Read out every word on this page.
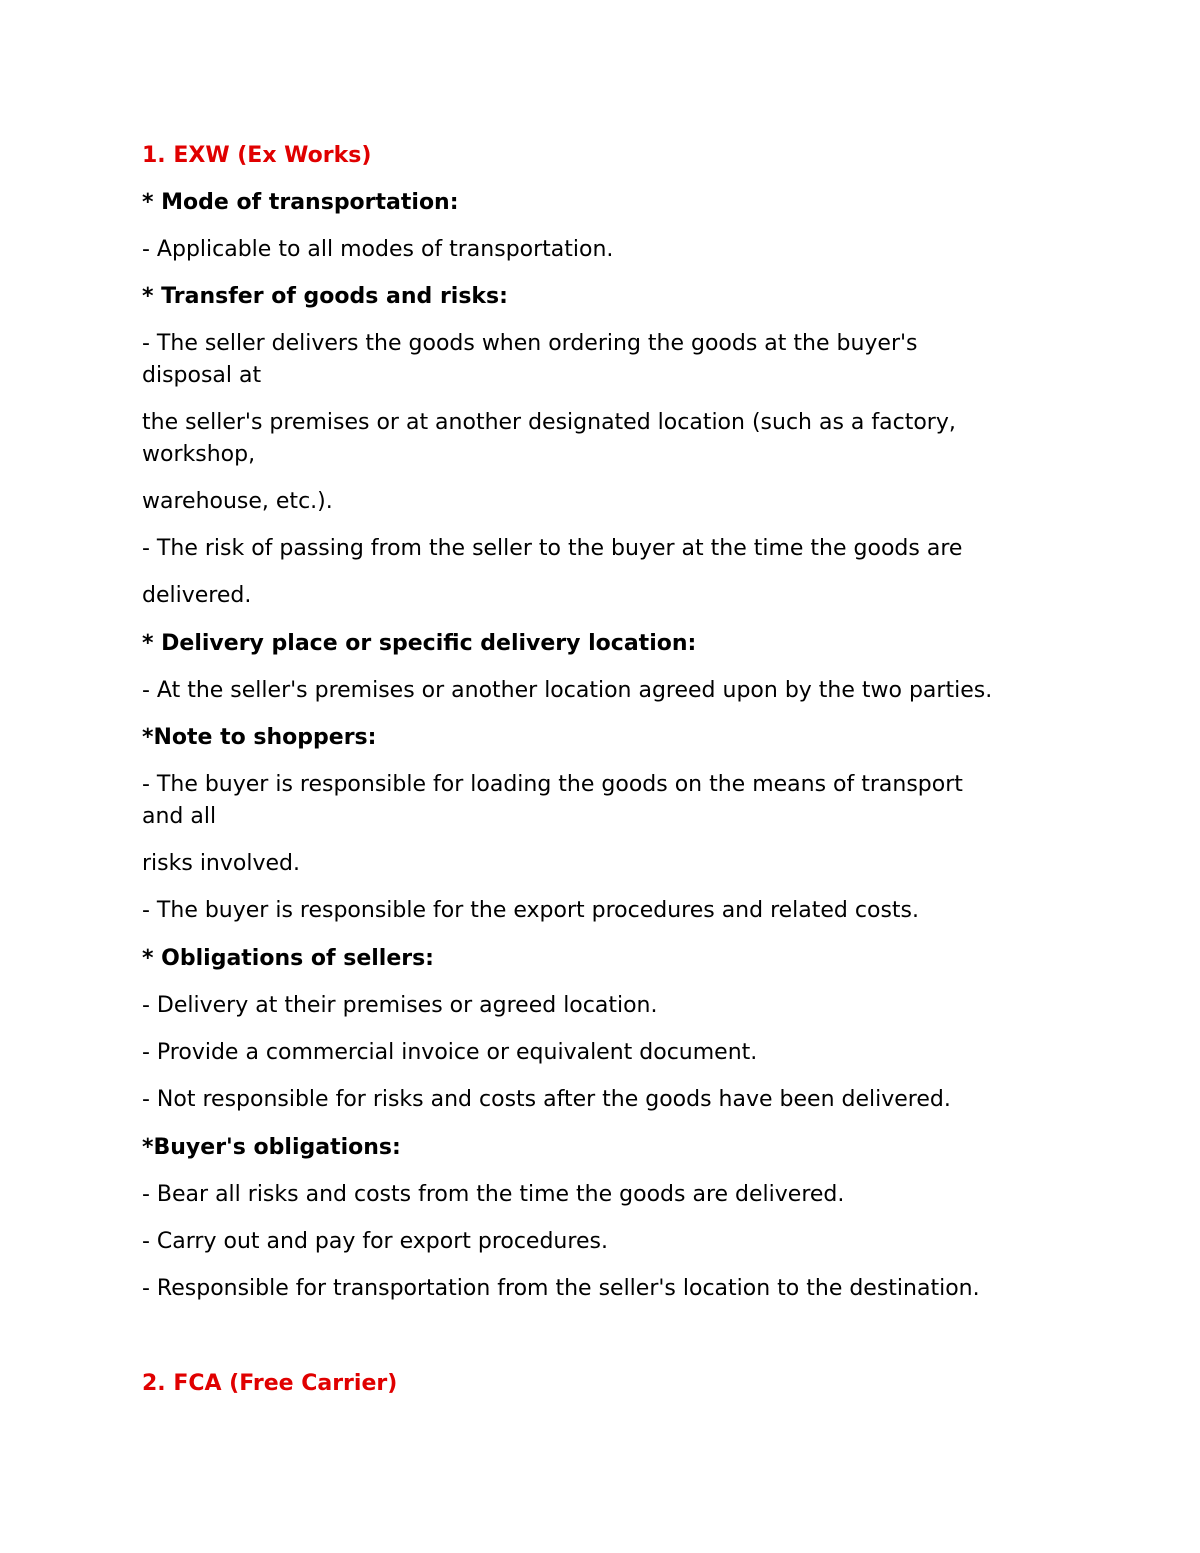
1. EXW (Ex Works)
* Mode of transportation:
- Applicable to all modes of transportation.
* Transfer of goods and risks:
- The seller delivers the goods when ordering the goods at the buyer's
disposal at
the seller's premises or at another designated location (such as a factory,
workshop,
warehouse, etc.).
- The risk of passing from the seller to the buyer at the time the goods are
delivered.
* Delivery place or specific delivery location:
- At the seller's premises or another location agreed upon by the two parties.
*Note to shoppers:
- The buyer is responsible for loading the goods on the means of transport
and all
risks involved.
- The buyer is responsible for the export procedures and related costs.
* Obligations of sellers:
- Delivery at their premises or agreed location.
- Provide a commercial invoice or equivalent document.
- Not responsible for risks and costs after the goods have been delivered.
*Buyer's obligations:
- Bear all risks and costs from the time the goods are delivered.
- Carry out and pay for export procedures.
- Responsible for transportation from the seller's location to the destination.
2. FCA (Free Carrier)
